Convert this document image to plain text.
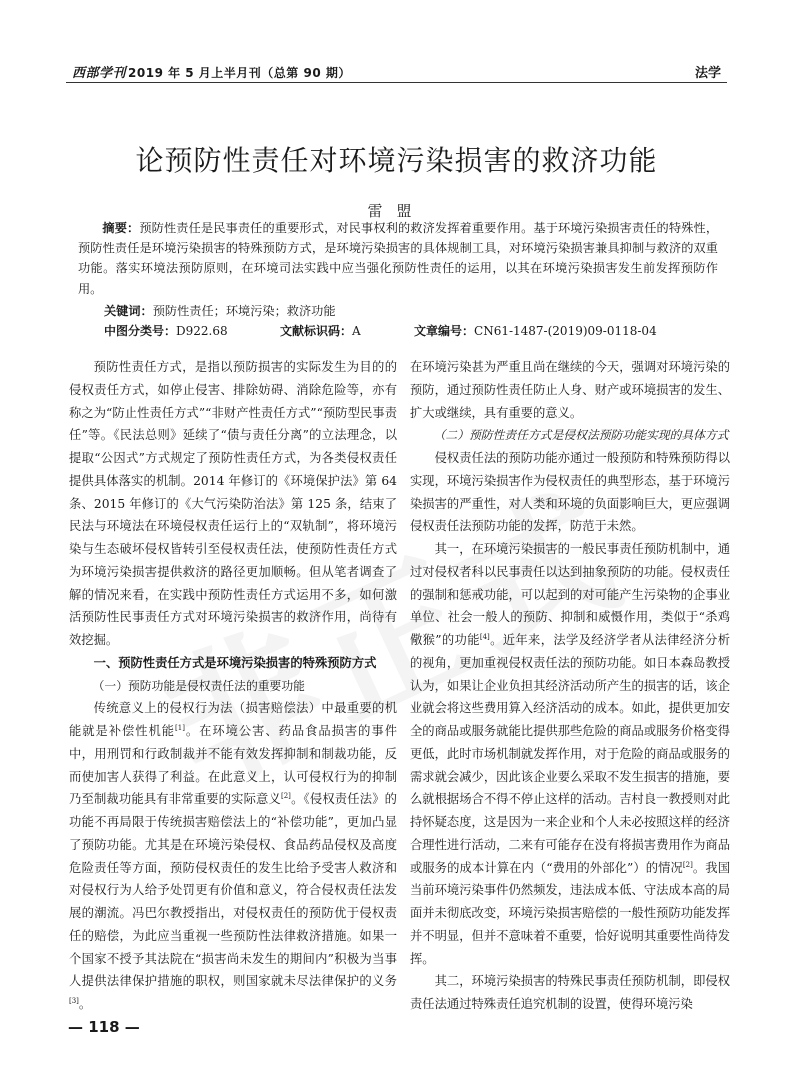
西部学刊 2019 年 5 月上半月刊（总第 90 期）	法学
论预防性责任对环境污染损害的救济功能
雷盟
摘要：预防性责任是民事责任的重要形式，对民事权利的救济发挥着重要作用。基于环境污染损害责任的特殊性，预防性责任是环境污染损害的特殊预防方式，是环境污染损害的具体规制工具，对环境污染损害兼具抑制与救济的双重功能。落实环境法预防原则，在环境司法实践中应当强化预防性责任的运用，以其在环境污染损害发生前发挥预防作用。
关键词：预防性责任；环境污染；救济功能
中图分类号：D922.68	文献标识码：A	文章编号：CN61-1487-(2019)09-0118-04

预防性责任方式，是指以预防损害的实际发生为目的的侵权责任方式，如停止侵害、排除妨碍、消除危险等，亦有称之为“防止性责任方式”“非财产性责任方式”“预防型民事责任”等。《民法总则》延续了“债与责任分离”的立法理念，以提取“公因式”方式规定了预防性责任方式，为各类侵权责任提供具体落实的机制。2014 年修订的《环境保护法》第 64 条、2015 年修订的《大气污染防治法》第 125 条，结束了民法与环境法在环境侵权责任运行上的“双轨制”，将环境污染与生态破坏侵权皆转引至侵权责任法，使预防性责任方式为环境污染损害提供救济的路径更加顺畅。但从笔者调查了解的情况来看，在实践中预防性责任方式运用不多，如何激活预防性民事责任方式对环境污染损害的救济作用，尚待有效挖掘。

一、预防性责任方式是环境污染损害的特殊预防方式

（一）预防功能是侵权责任法的重要功能

传统意义上的侵权行为法（损害赔偿法）中最重要的机能就是补偿性机能[1]。在环境公害、药品食品损害的事件中，用刑罚和行政制裁并不能有效发挥抑制和制裁功能，反而使加害人获得了利益。在此意义上，认可侵权行为的抑制乃至制裁功能具有非常重要的实际意义[2]。《侵权责任法》的功能不再局限于传统损害赔偿法上的“补偿功能”，更加凸显了预防功能。尤其是在环境污染侵权、食品药品侵权及高度危险责任等方面，预防侵权责任的发生比给予受害人救济和对侵权行为人给予处罚更有价值和意义，符合侵权责任法发展的潮流。冯巴尔教授指出，对侵权责任的预防优于侵权责任的赔偿，为此应当重视一些预防性法律救济措施。如果一个国家不授予其法院在“损害尚未发生的期间内”积极为当事人提供法律保护措施的职权，则国家就未尽法律保护的义务[3]。

在环境污染甚为严重且尚在继续的今天，强调对环境污染的预防，通过预防性责任防止人身、财产或环境损害的发生、扩大或继续，具有重要的意义。

（二）预防性责任方式是侵权法预防功能实现的具体方式

侵权责任法的预防功能亦通过一般预防和特殊预防得以实现，环境污染损害作为侵权责任的典型形态，基于环境污染损害的严重性，对人类和环境的负面影响巨大，更应强调侵权责任法预防功能的发挥，防范于未然。

其一，在环境污染损害的一般民事责任预防机制中，通过对侵权者科以民事责任以达到抽象预防的功能。侵权责任的强制和惩戒功能，可以起到的对可能产生污染物的企事业单位、社会一般人的预防、抑制和威慑作用，类似于“杀鸡儆猴”的功能[4]。近年来，法学及经济学者从法律经济分析的视角，更加重视侵权责任法的预防功能。如日本森岛教授认为，如果让企业负担其经济活动所产生的损害的话，该企业就会将这些费用算入经济活动的成本。如此，提供更加安全的商品或服务就能比提供那些危险的商品或服务价格变得更低，此时市场机制就发挥作用，对于危险的商品或服务的需求就会减少，因此该企业要么采取不发生损害的措施，要么就根据场合不得不停止这样的活动。吉村良一教授则对此持怀疑态度，这是因为一来企业和个人未必按照这样的经济合理性进行活动，二来有可能存在没有将损害费用作为商品或服务的成本计算在内（“费用的外部化”）的情况[2]。我国当前环境污染事件仍然频发，违法成本低、守法成本高的局面并未彻底改变，环境污染损害赔偿的一般性预防功能发挥并不明显，但并不意味着不重要，恰好说明其重要性尚待发挥。

其二，环境污染损害的特殊民事责任预防机制，即侵权责任法通过特殊责任追究机制的设置，使得环境污染

— 118 —
